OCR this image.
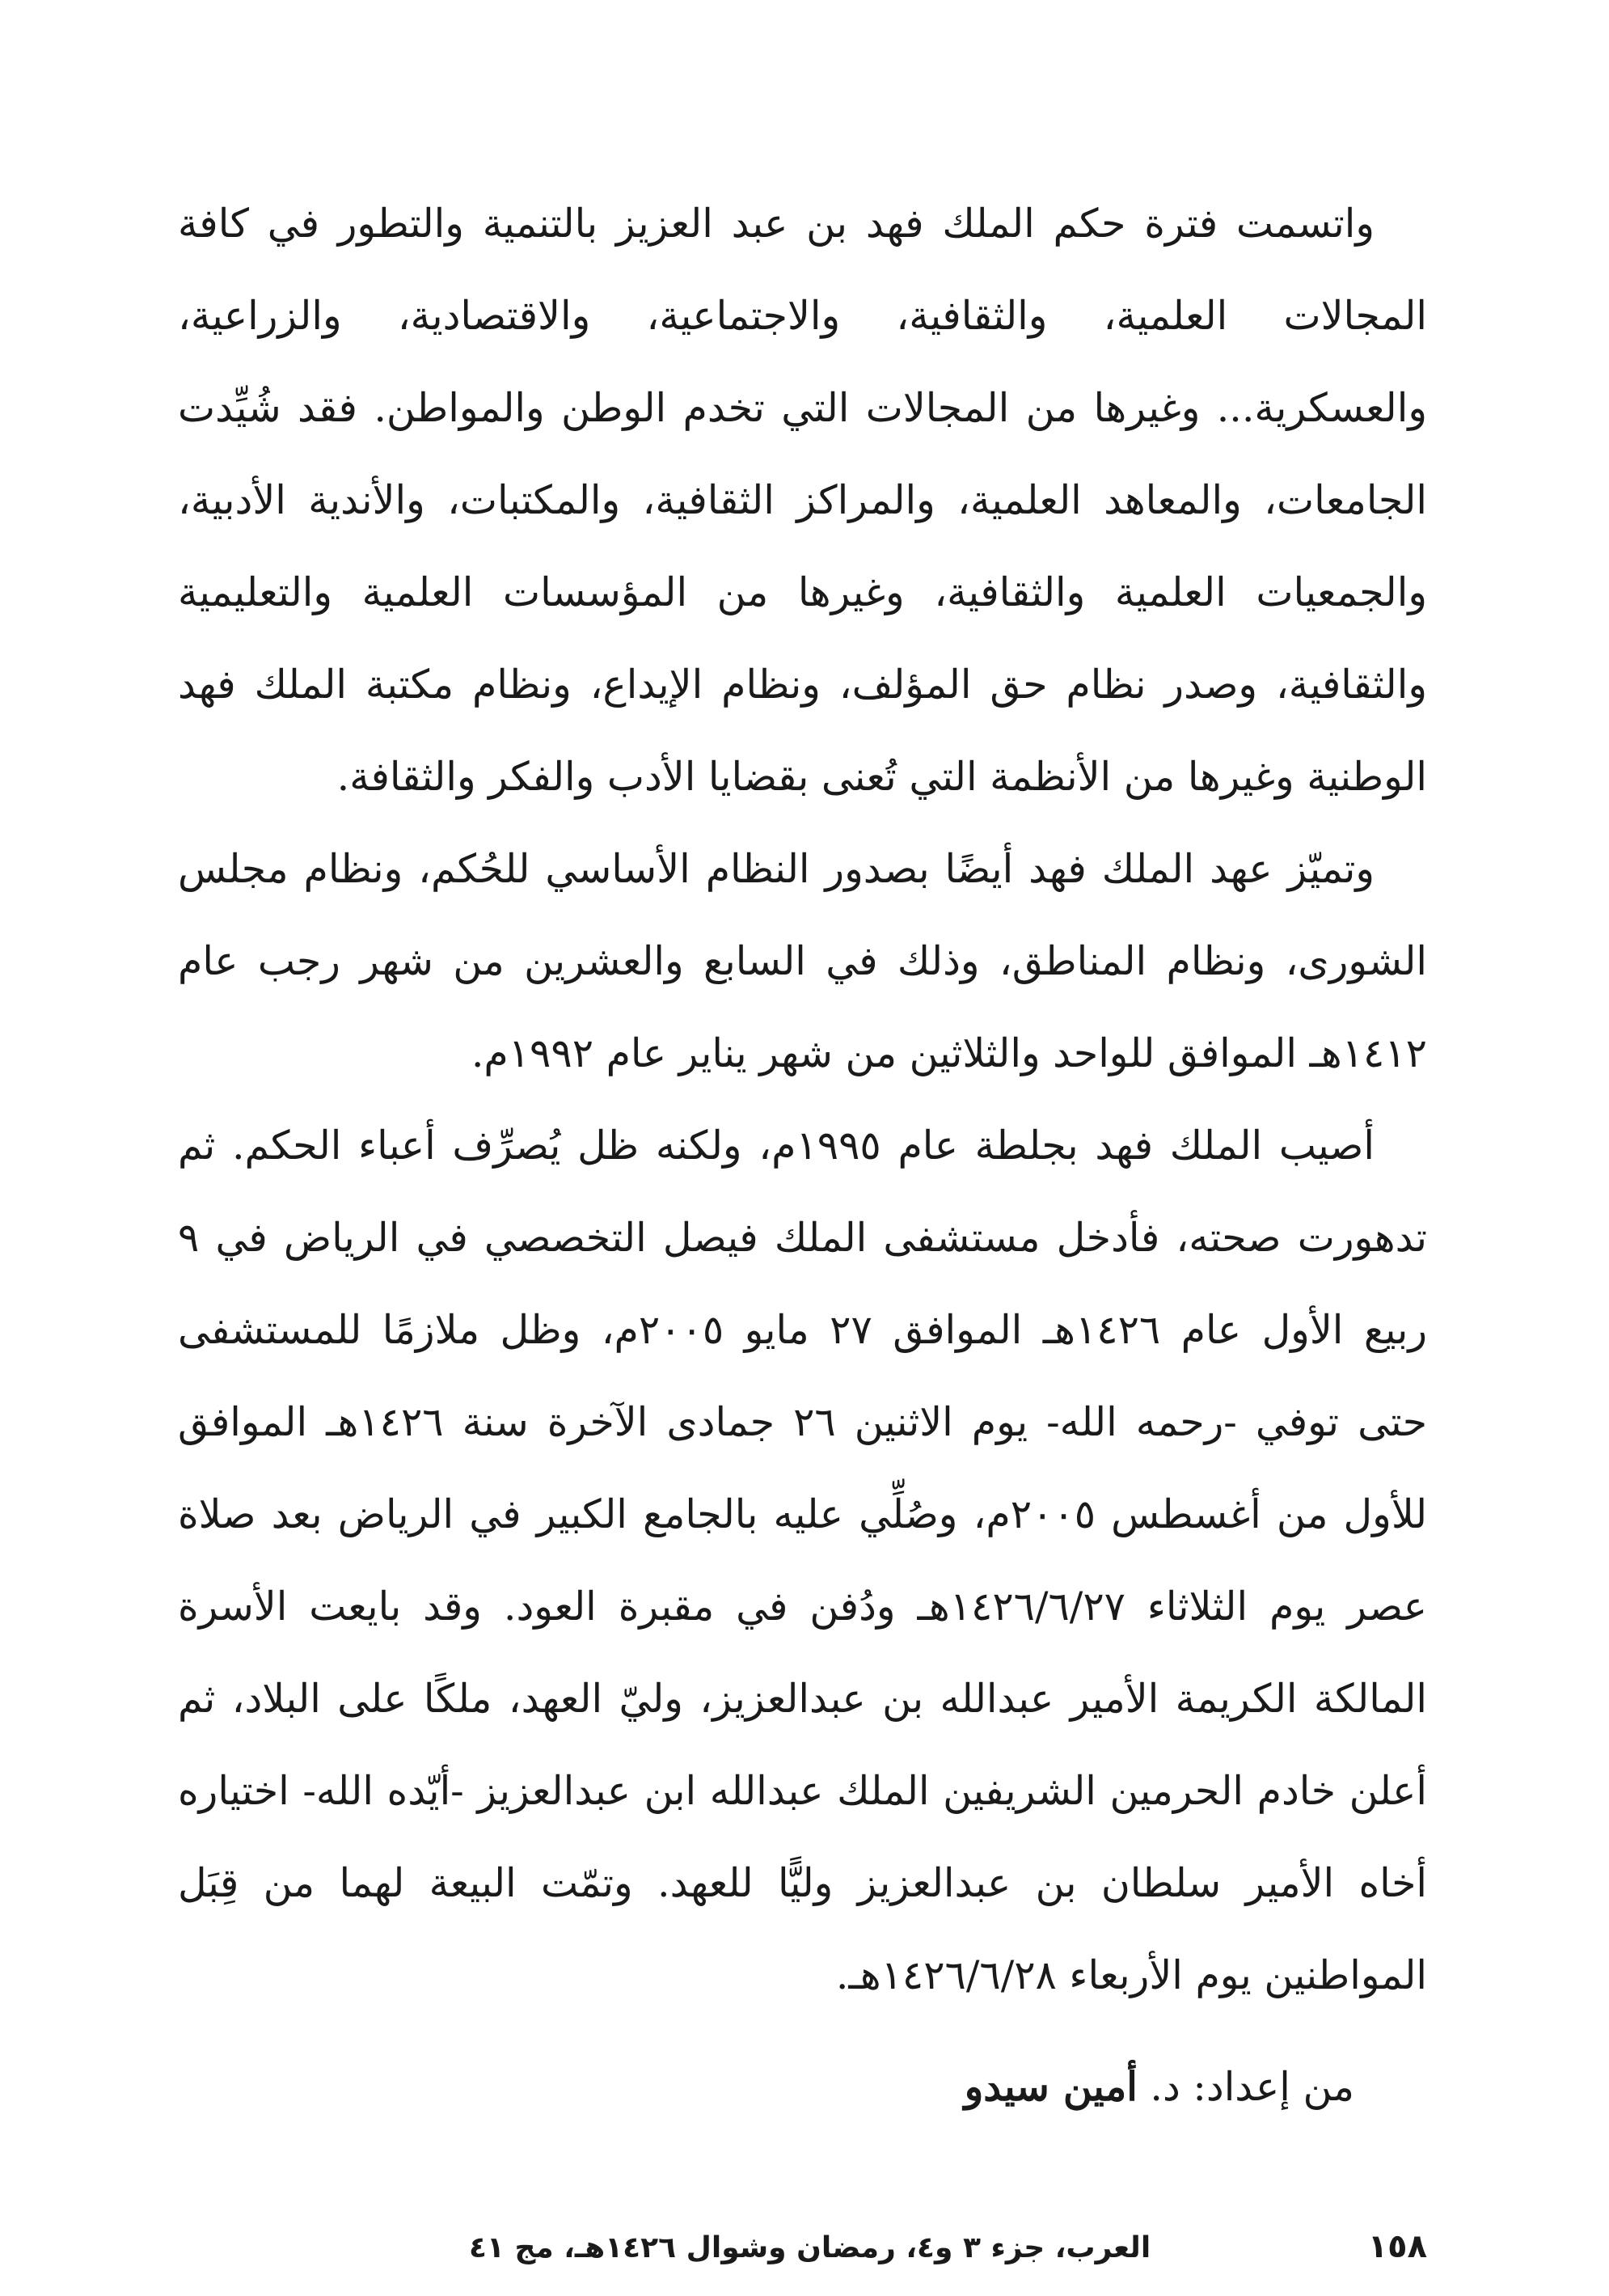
واتسمت فترة حكم الملك فهد بن عبد العزيز بالتنمية والتطور في كافة المجالات العلمية، والثقافية، والاجتماعية، والاقتصادية، والزراعية، والعسكرية... وغيرها من المجالات التي تخدم الوطن والمواطن. فقد شُيِّدت الجامعات، والمعاهد العلمية، والمراكز الثقافية، والمكتبات، والأندية الأدبية، والجمعيات العلمية والثقافية، وغيرها من المؤسسات العلمية والتعليمية والثقافية، وصدر نظام حق المؤلف، ونظام الإيداع، ونظام مكتبة الملك فهد الوطنية وغيرها من الأنظمة التي تُعنى بقضايا الأدب والفكر والثقافة.

وتميّز عهد الملك فهد أيضًا بصدور النظام الأساسي للحُكم، ونظام مجلس الشورى، ونظام المناطق، وذلك في السابع والعشرين من شهر رجب عام ١٤١٢هـ الموافق للواحد والثلاثين من شهر يناير عام ١٩٩٢م.

أصيب الملك فهد بجلطة عام ١٩٩٥م، ولكنه ظل يُصرِّف أعباء الحكم. ثم تدهورت صحته، فأدخل مستشفى الملك فيصل التخصصي في الرياض في ٩ ربيع الأول عام ١٤٢٦هـ الموافق ٢٧ مايو ٢٠٠٥م، وظل ملازمًا للمستشفى حتى توفي -رحمه الله- يوم الاثنين ٢٦ جمادى الآخرة سنة ١٤٢٦هـ الموافق للأول من أغسطس ٢٠٠٥م، وصُلِّي عليه بالجامع الكبير في الرياض بعد صلاة عصر يوم الثلاثاء ١٤٢٦/٦/٢٧هـ ودُفن في مقبرة العود. وقد بايعت الأسرة المالكة الكريمة الأمير عبدالله بن عبدالعزيز، وليّ العهد، ملكًا على البلاد، ثم أعلن خادم الحرمين الشريفين الملك عبدالله ابن عبدالعزيز -أيّده الله- اختياره أخاه الأمير سلطان بن عبدالعزيز وليًّا للعهد. وتمّت البيعة لهما من قِبَل المواطنين يوم الأربعاء ١٤٢٦/٦/٢٨هـ.

من إعداد: د. أمين سيدو
١٥٨
العرب، جزء ٣ و٤، رمضان وشوال ١٤٢٦هـ، مج ٤١
